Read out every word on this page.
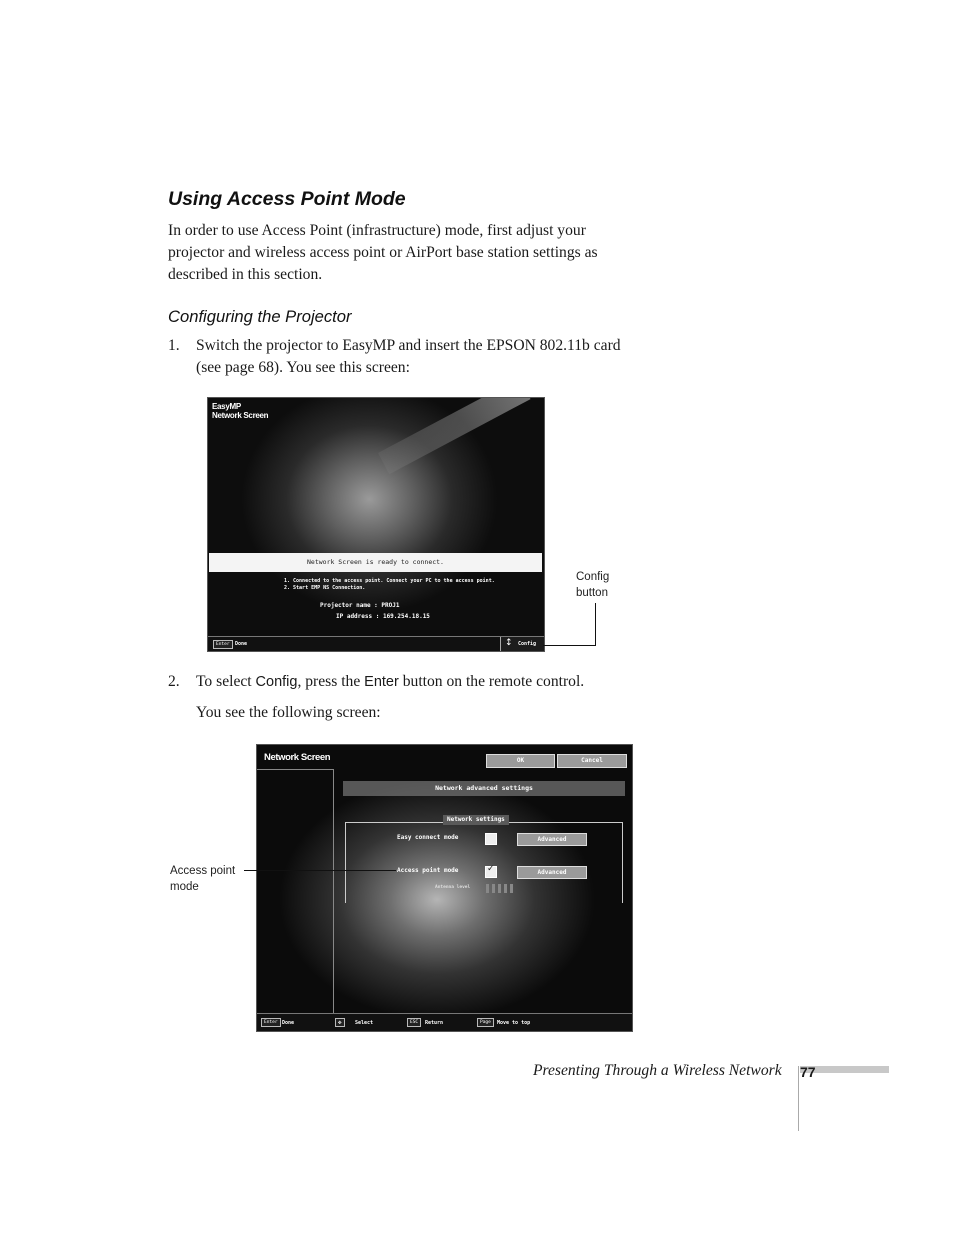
Using Access Point Mode
In order to use Access Point (infrastructure) mode, first adjust your projector and wireless access point or AirPort base station settings as described in this section.
Configuring the Projector
1. Switch the projector to EasyMP and insert the EPSON 802.11b card (see page 68). You see this screen:
EasyMP
Network Screen
Network Screen is ready to connect.
1. Connected to the access point. Connect your PC to the access point.
2. Start EMP NS Connection.
Projector name : PROJ1
IP address : 169.254.18.15
Enter	Done	↕ Config
Config button
2. To select Config, press the Enter button on the remote control.
You see the following screen:
Network Screen	OK	Cancel
Network advanced settings
Network settings
Easy connect mode	Advanced
Access point mode	✓	Advanced
Antenna level
Enter Done	✥	Select	ESC	Return	Page	Move to top
Access point mode
Presenting Through a Wireless Network 77
